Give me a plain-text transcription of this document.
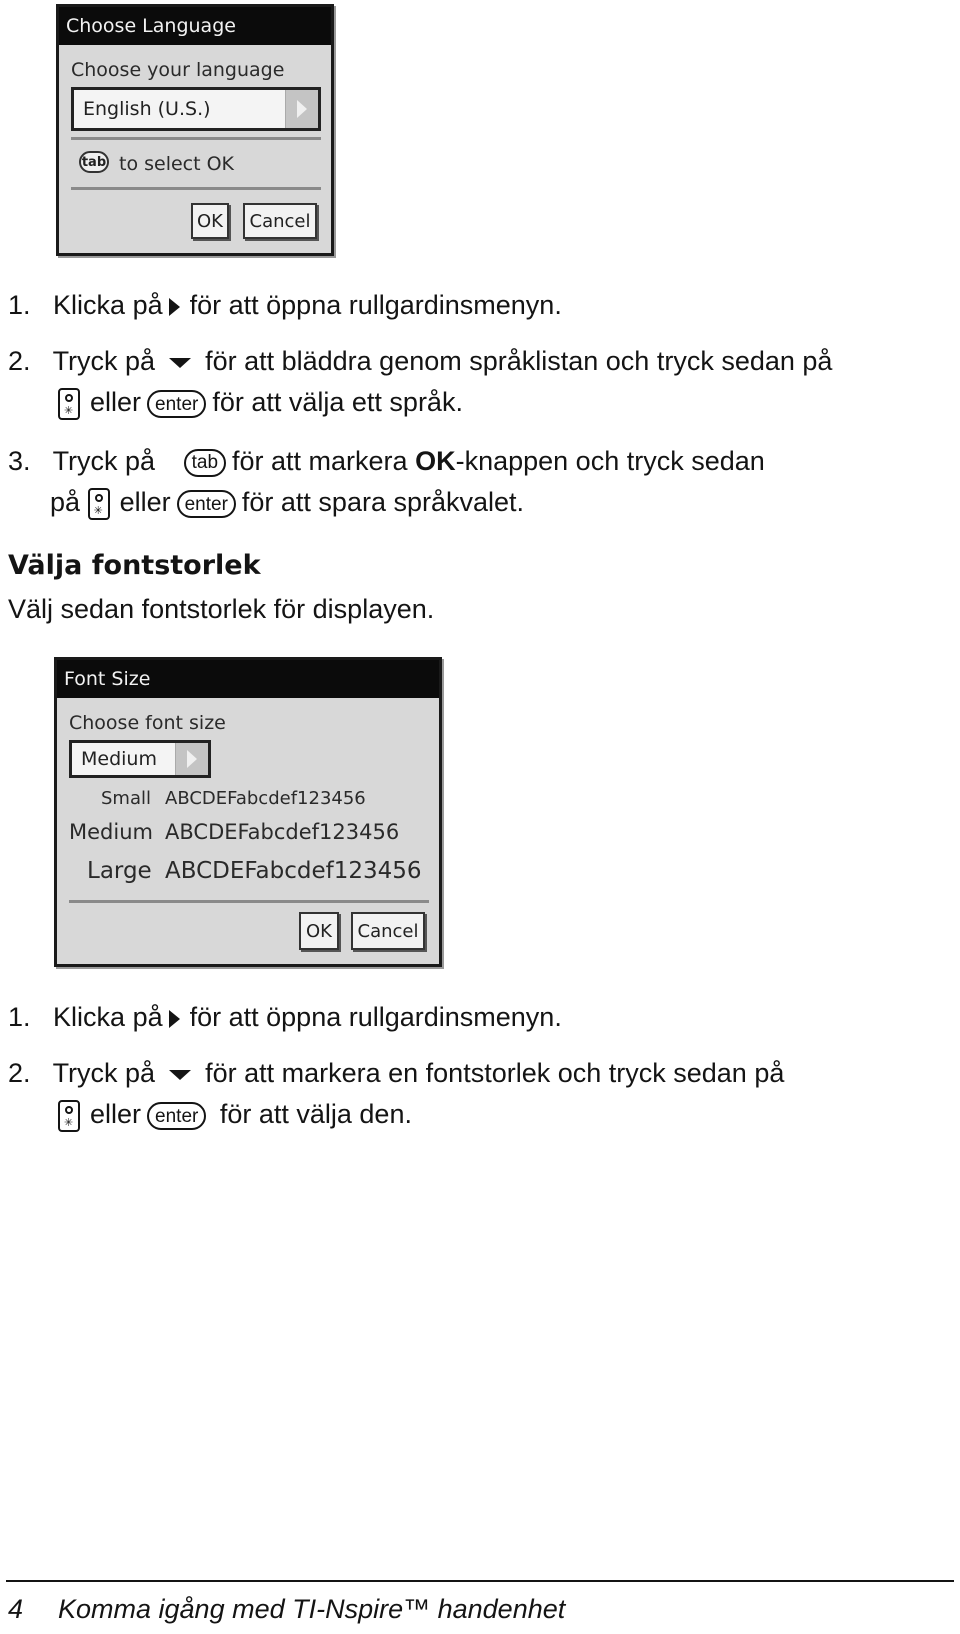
Choose Language
Choose your language
English (U.S.)
tab to select OK
OK	Cancel
1. Klicka på för att öppna rullgardinsmenyn.
2. Tryck på för att bläddra genom språklistan och tryck sedan på
✳ eller enter för att välja ett språk.
3. Tryck på tab för att markera OK-knappen och tryck sedan
på ✳ eller enter för att spara språkvalet.
Välja fontstorlek
Välj sedan fontstorlek för displayen.
Font Size
Choose font size
Medium
Small ABCDEFabcdef123456
Medium ABCDEFabcdef123456
Large ABCDEFabcdef123456
OK	Cancel
1. Klicka på för att öppna rullgardinsmenyn.
2. Tryck på för att markera en fontstorlek och tryck sedan på
✳ eller enter för att välja den.
4 Komma igång med TI-Nspire™ handenhet
